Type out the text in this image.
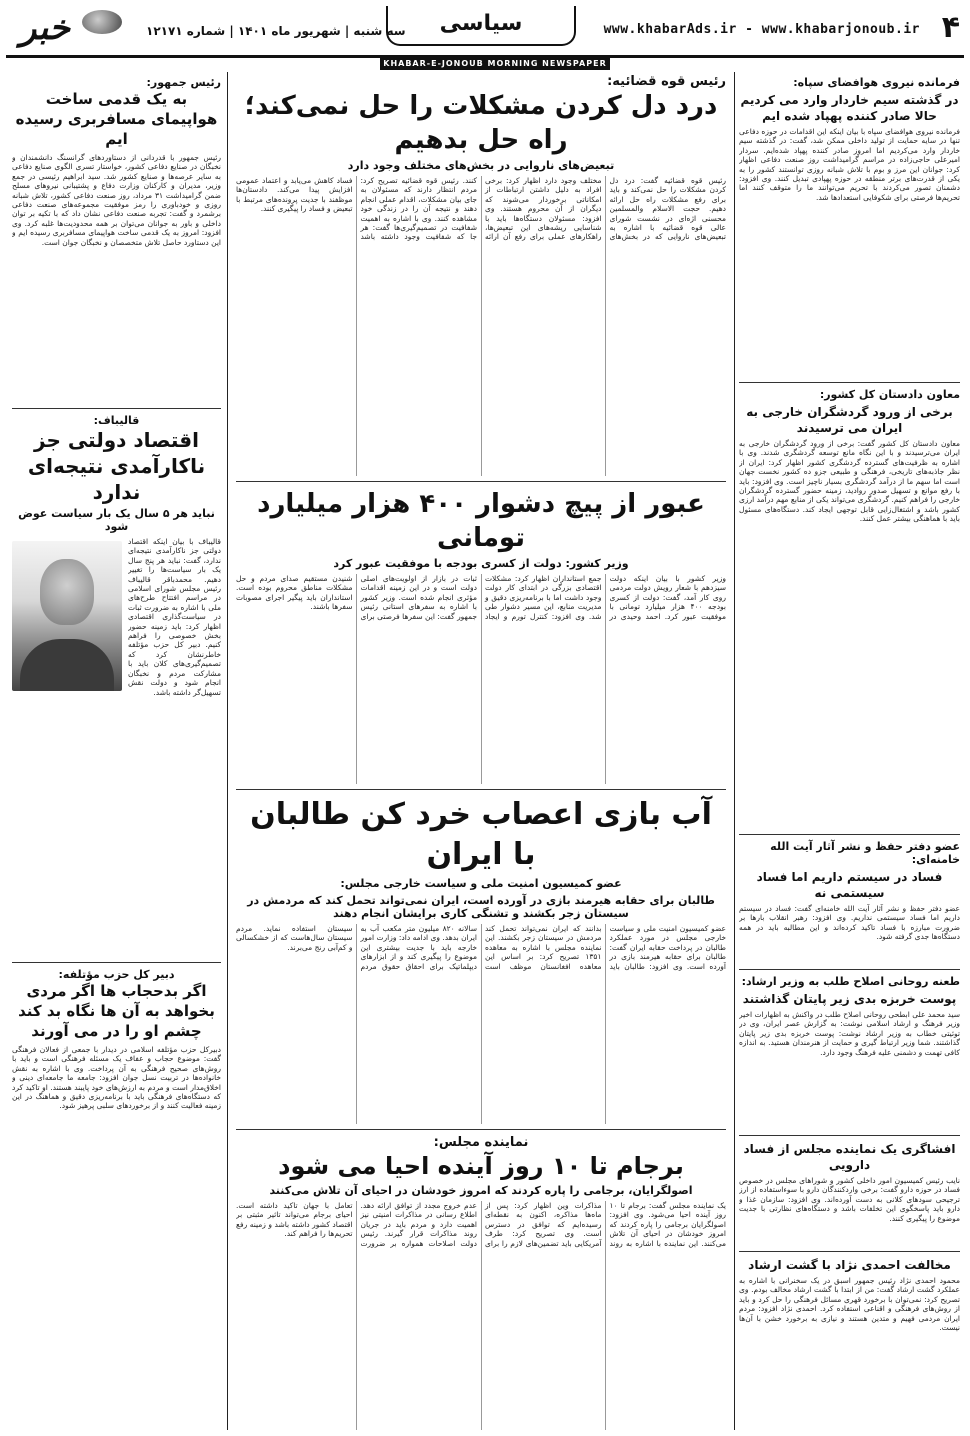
۴
www.khabarAds.ir - www.khabarjonoub.ir
سیاسی
سه شنبه | شهریور ماه ۱۴۰۱ | شماره ۱۲۱۷۱
خبر
KHABAR-E-JONOUB MORNING NEWSPAPER
فرمانده نیروی هوافضای سپاه:
در گذشته سیم خاردار وارد می کردیم حالا صادر کننده پهپاد شده ایم
فرمانده نیروی هوافضای سپاه با بیان اینکه این اقدامات در حوزه دفاعی تنها در سایه حمایت از تولید داخلی ممکن شد، گفت: در گذشته سیم خاردار وارد می‌کردیم اما امروز صادر کننده پهپاد شده‌ایم. سردار امیرعلی حاجی‌زاده در مراسم گرامیداشت روز صنعت دفاعی اظهار کرد: جوانان این مرز و بوم با تلاش شبانه روزی توانستند کشور را به یکی از قدرت‌های برتر منطقه در حوزه پهپادی تبدیل کنند. وی افزود: دشمنان تصور می‌کردند با تحریم می‌توانند ما را متوقف کنند اما تحریم‌ها فرصتی برای شکوفایی استعدادها شد.
معاون دادستان کل کشور:
برخی از ورود گردشگران خارجی به ایران می ترسیدند
معاون دادستان کل کشور گفت: برخی از ورود گردشگران خارجی به ایران می‌ترسیدند و با این نگاه مانع توسعه گردشگری شدند. وی با اشاره به ظرفیت‌های گسترده گردشگری کشور اظهار کرد: ایران از نظر جاذبه‌های تاریخی، فرهنگی و طبیعی جزو ده کشور نخست جهان است اما سهم ما از درآمد گردشگری بسیار ناچیز است. وی افزود: باید با رفع موانع و تسهیل صدور روادید، زمینه حضور گسترده گردشگران خارجی را فراهم کنیم. گردشگری می‌تواند یکی از منابع مهم درآمد ارزی کشور باشد و اشتغال‌زایی قابل توجهی ایجاد کند. دستگاه‌های مسئول باید با هماهنگی بیشتر عمل کنند.
عضو دفتر حفظ و نشر آثار آیت الله خامنه‌ای:
فساد در سیستم داریم اما فساد سیستمی نه
عضو دفتر حفظ و نشر آثار آیت الله خامنه‌ای گفت: فساد در سیستم داریم اما فساد سیستمی نداریم. وی افزود: رهبر انقلاب بارها بر ضرورت مبارزه با فساد تاکید کرده‌اند و این مطالبه باید در همه دستگاه‌ها جدی گرفته شود.
طعنه روحانی اصلاح طلب به وزیر ارشاد:
پوست خربزه بدی زیر پایتان گذاشتند
سید محمد علی ابطحی روحانی اصلاح طلب در واکنش به اظهارات اخیر وزیر فرهنگ و ارشاد اسلامی نوشت: به گزارش عصر ایران، وی در توئیتی خطاب به وزیر ارشاد نوشت: پوست خربزه بدی زیر پایتان گذاشتند. شما وزیر ارتباط گیری و حمایت از هنرمندان هستید. به اندازه کافی تهمت و دشمنی علیه فرهنگ وجود دارد.
افشاگری یک نماینده مجلس از فساد دارویی
نایب رئیس کمیسیون امور داخلی کشور و شوراهای مجلس در خصوص فساد در حوزه دارو گفت: برخی واردکنندگان دارو با سوءاستفاده از ارز ترجیحی سودهای کلانی به دست آورده‌اند. وی افزود: سازمان غذا و دارو باید پاسخگوی این تخلفات باشد و دستگاه‌های نظارتی با جدیت موضوع را پیگیری کنند.
مخالفت احمدی نژاد با گشت ارشاد
محمود احمدی نژاد رئیس جمهور اسبق در یک سخنرانی با اشاره به عملکرد گشت ارشاد گفت: من از ابتدا با گشت ارشاد مخالف بودم. وی تصریح کرد: نمی‌توان با برخورد قهری مسائل فرهنگی را حل کرد و باید از روش‌های فرهنگی و اقناعی استفاده کرد. احمدی نژاد افزود: مردم ایران مردمی فهیم و متدین هستند و نیازی به برخورد خشن با آن‌ها نیست.
رئیس قوه قضائیه:
درد دل کردن مشکلات را حل نمی‌کند؛ راه حل بدهیم
تبعیض‌های ناروایی در بخش‌های مختلف وجود دارد
رئیس قوه قضائیه گفت: درد دل کردن مشکلات را حل نمی‌کند و باید برای رفع مشکلات راه حل ارائه دهیم. حجت الاسلام والمسلمین محسنی اژه‌ای در نشست شورای عالی قوه قضائیه با اشاره به تبعیض‌های ناروایی که در بخش‌های مختلف وجود دارد اظهار کرد: برخی افراد به دلیل داشتن ارتباطات از امکاناتی برخوردار می‌شوند که دیگران از آن محروم هستند. وی افزود: مسئولان دستگاه‌ها باید با شناسایی ریشه‌های این تبعیض‌ها، راهکارهای عملی برای رفع آن ارائه کنند. رئیس قوه قضائیه تصریح کرد: مردم انتظار دارند که مسئولان به جای بیان مشکلات، اقدام عملی انجام دهند و نتیجه آن را در زندگی خود مشاهده کنند. وی با اشاره به اهمیت شفافیت در تصمیم‌گیری‌ها گفت: هر جا که شفافیت وجود داشته باشد فساد کاهش می‌یابد و اعتماد عمومی افزایش پیدا می‌کند. دادستان‌ها موظفند با جدیت پرونده‌های مرتبط با تبعیض و فساد را پیگیری کنند.
عبور از پیچ دشوار ۴۰۰ هزار میلیارد تومانی
وزیر کشور: دولت از کسری بودجه با موفقیت عبور کرد
وزیر کشور با بیان اینکه دولت سیزدهم با شعار رویش دولت مردمی روی کار آمد، گفت: دولت از کسری بودجه ۴۰۰ هزار میلیارد تومانی با موفقیت عبور کرد. احمد وحیدی در جمع استانداران اظهار کرد: مشکلات اقتصادی بزرگی در ابتدای کار دولت وجود داشت اما با برنامه‌ریزی دقیق و مدیریت منابع، این مسیر دشوار طی شد. وی افزود: کنترل تورم و ایجاد ثبات در بازار از اولویت‌های اصلی دولت است و در این زمینه اقدامات مؤثری انجام شده است. وزیر کشور با اشاره به سفرهای استانی رئیس جمهور گفت: این سفرها فرصتی برای شنیدن مستقیم صدای مردم و حل مشکلات مناطق محروم بوده است. استانداران باید پیگیر اجرای مصوبات سفرها باشند.
آب بازی اعصاب خرد کن طالبان با ایران
عضو کمیسیون امنیت ملی و سیاست خارجی مجلس:
طالبان برای حقابه هیرمند بازی در آورده است، ایران نمی‌تواند تحمل کند که مردمش در سیستان زجر بکشند و تشنگی کاری برایشان انجام دهند
عضو کمیسیون امنیت ملی و سیاست خارجی مجلس در مورد عملکرد طالبان در پرداخت حقابه ایران گفت: طالبان برای حقابه هیرمند بازی در آورده است. وی افزود: طالبان باید بدانند که ایران نمی‌تواند تحمل کند مردمش در سیستان زجر بکشند. این نماینده مجلس با اشاره به معاهده ۱۳۵۱ تصریح کرد: بر اساس این معاهده افغانستان موظف است سالانه ۸۲۰ میلیون متر مکعب آب به ایران بدهد. وی ادامه داد: وزارت امور خارجه باید با جدیت بیشتری این موضوع را پیگیری کند و از ابزارهای دیپلماتیک برای احقاق حقوق مردم سیستان استفاده نماید. مردم سیستان سال‌هاست که از خشکسالی و کم‌آبی رنج می‌برند.
نماینده مجلس:
برجام تا ۱۰ روز آینده احیا می شود
اصولگرایان، برجامی را پاره کردند که امروز خودشان در احیای آن تلاش می‌کنند
یک نماینده مجلس گفت: برجام تا ۱۰ روز آینده احیا می‌شود. وی افزود: اصولگرایان برجامی را پاره کردند که امروز خودشان در احیای آن تلاش می‌کنند. این نماینده با اشاره به روند مذاکرات وین اظهار کرد: پس از ماه‌ها مذاکره، اکنون به نقطه‌ای رسیده‌ایم که توافق در دسترس است. وی تصریح کرد: طرف آمریکایی باید تضمین‌های لازم را برای عدم خروج مجدد از توافق ارائه دهد. اطلاع رسانی در مذاکرات امنیتی نیز اهمیت دارد و مردم باید در جریان روند مذاکرات قرار گیرند. رئیس دولت اصلاحات همواره بر ضرورت تعامل با جهان تاکید داشته است. احیای برجام می‌تواند تاثیر مثبتی بر اقتصاد کشور داشته باشد و زمینه رفع تحریم‌ها را فراهم کند.
رئیس جمهور:
به یک قدمی ساخت هواپیمای مسافربری رسیده ایم
رئیس جمهور با قدردانی از دستاوردهای گرانسنگ دانشمندان و نخبگان در صنایع دفاعی کشور، خواستار تسری الگوی صنایع دفاعی به سایر عرصه‌ها و صنایع کشور شد. سید ابراهیم رئیسی در جمع وزیر، مدیران و کارکنان وزارت دفاع و پشتیبانی نیروهای مسلح ضمن گرامیداشت ۳۱ مرداد، روز صنعت دفاعی کشور، تلاش شبانه روزی و خودباوری را رمز موفقیت مجموعه‌های صنعت دفاعی برشمرد و گفت: تجربه صنعت دفاعی نشان داد که با تکیه بر توان داخلی و باور به جوانان می‌توان بر همه محدودیت‌ها غلبه کرد. وی افزود: امروز به یک قدمی ساخت هواپیمای مسافربری رسیده ایم و این دستاورد حاصل تلاش متخصصان و نخبگان جوان است.
قالیباف:
اقتصاد دولتی جز ناکارآمدی نتیجه‌ای ندارد
نباید هر ۵ سال یک بار سیاست عوض شود
قالیباف با بیان اینکه اقتصاد دولتی جز ناکارآمدی نتیجه‌ای ندارد، گفت: نباید هر پنج سال یک بار سیاست‌ها را تغییر دهیم. محمدباقر قالیباف رئیس مجلس شورای اسلامی در مراسم افتتاح طرح‌های ملی با اشاره به ضرورت ثبات در سیاست‌گذاری اقتصادی اظهار کرد: باید زمینه حضور بخش خصوصی را فراهم کنیم. دبیر کل حزب مؤتلفه خاطرنشان کرد که تصمیم‌گیری‌های کلان باید با مشارکت مردم و نخبگان انجام شود و دولت نقش تسهیل‌گر داشته باشد.
دبیر کل حزب مؤتلفه:
اگر بدحجاب ها اگر مردی بخواهد به آن ها نگاه بد کند چشم او را در می آورند
دبیرکل حزب مؤتلفه اسلامی در دیدار با جمعی از فعالان فرهنگی گفت: موضوع حجاب و عفاف یک مسئله فرهنگی است و باید با روش‌های صحیح فرهنگی به آن پرداخت. وی با اشاره به نقش خانواده‌ها در تربیت نسل جوان افزود: جامعه ما جامعه‌ای دینی و اخلاق‌مدار است و مردم به ارزش‌های خود پایبند هستند. او تاکید کرد که دستگاه‌های فرهنگی باید با برنامه‌ریزی دقیق و هماهنگ در این زمینه فعالیت کنند و از برخوردهای سلبی پرهیز شود.
